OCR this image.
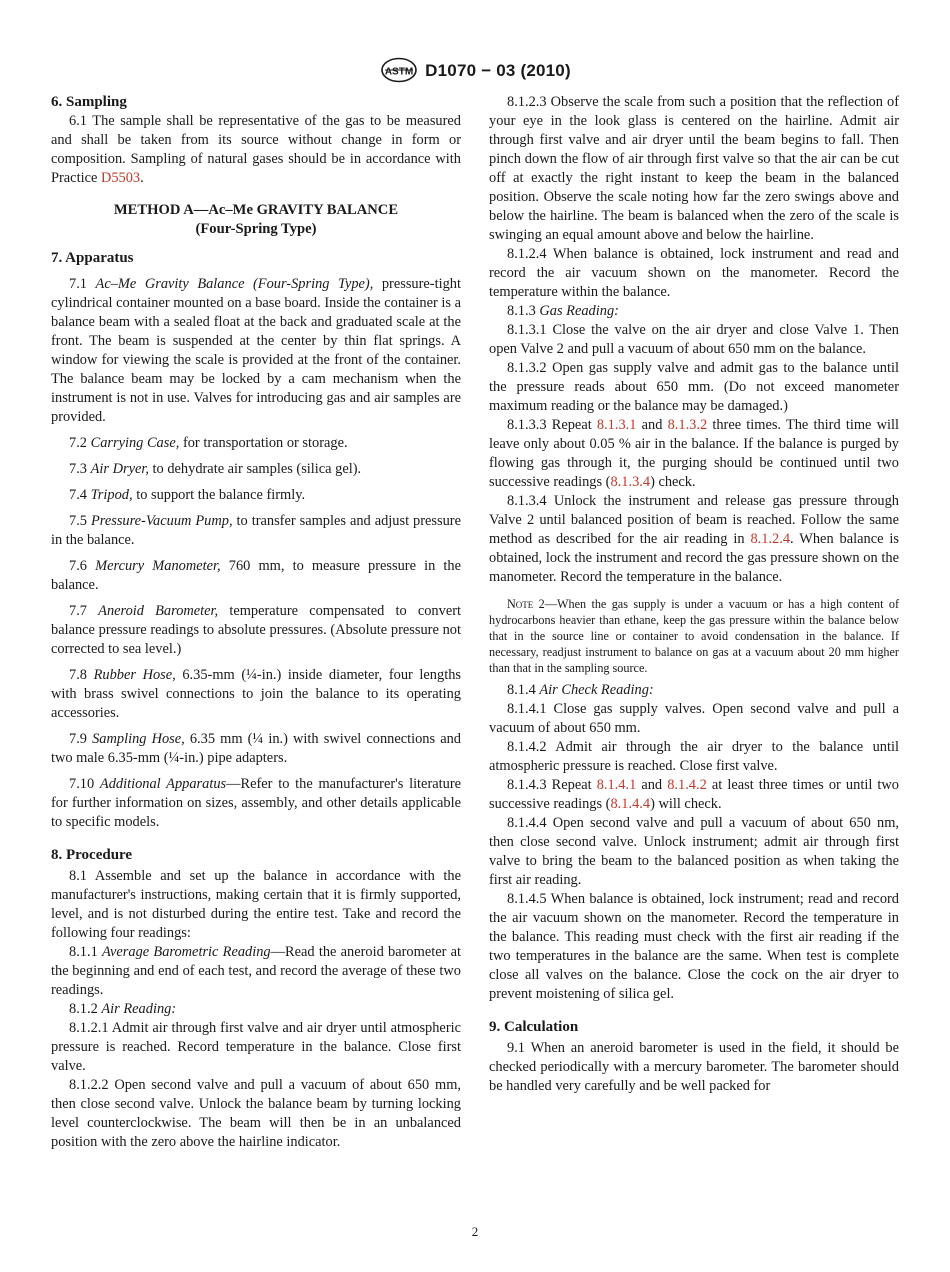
ASTM D1070 − 03 (2010)
6. Sampling

6.1 The sample shall be representative of the gas to be measured and shall be taken from its source without change in form or composition. Sampling of natural gases should be in accordance with Practice D5503.

METHOD A—Ac–Me GRAVITY BALANCE
(Four-Spring Type)
7. Apparatus

7.1 Ac–Me Gravity Balance (Four-Spring Type), pressure-tight cylindrical container mounted on a base board. Inside the container is a balance beam with a sealed float at the back and graduated scale at the front. The beam is suspended at the center by thin flat springs. A window for viewing the scale is provided at the front of the container. The balance beam may be locked by a cam mechanism when the instrument is not in use. Valves for introducing gas and air samples are provided.

7.2 Carrying Case, for transportation or storage.

7.3 Air Dryer, to dehydrate air samples (silica gel).

7.4 Tripod, to support the balance firmly.

7.5 Pressure-Vacuum Pump, to transfer samples and adjust pressure in the balance.

7.6 Mercury Manometer, 760 mm, to measure pressure in the balance.

7.7 Aneroid Barometer, temperature compensated to convert balance pressure readings to absolute pressures. (Absolute pressure not corrected to sea level.)

7.8 Rubber Hose, 6.35-mm (¼-in.) inside diameter, four lengths with brass swivel connections to join the balance to its operating accessories.

7.9 Sampling Hose, 6.35 mm (¼ in.) with swivel connections and two male 6.35-mm (¼-in.) pipe adapters.

7.10 Additional Apparatus—Refer to the manufacturer's literature for further information on sizes, assembly, and other details applicable to specific models.

8. Procedure

8.1 Assemble and set up the balance in accordance with the manufacturer's instructions, making certain that it is firmly supported, level, and is not disturbed during the entire test. Take and record the following four readings:

8.1.1 Average Barometric Reading—Read the aneroid barometer at the beginning and end of each test, and record the average of these two readings.

8.1.2 Air Reading:

8.1.2.1 Admit air through first valve and air dryer until atmospheric pressure is reached. Record temperature in the balance. Close first valve.

8.1.2.2 Open second valve and pull a vacuum of about 650 mm, then close second valve. Unlock the balance beam by turning locking level counterclockwise. The beam will then be in an unbalanced position with the zero above the hairline indicator.

8.1.2.3 Observe the scale from such a position that the reflection of your eye in the look glass is centered on the hairline. Admit air through first valve and air dryer until the beam begins to fall. Then pinch down the flow of air through first valve so that the air can be cut off at exactly the right instant to keep the beam in the balanced position. Observe the scale noting how far the zero swings above and below the hairline. The beam is balanced when the zero of the scale is swinging an equal amount above and below the hairline.

8.1.2.4 When balance is obtained, lock instrument and read and record the air vacuum shown on the manometer. Record the temperature within the balance.

8.1.3 Gas Reading:

8.1.3.1 Close the valve on the air dryer and close Valve 1. Then open Valve 2 and pull a vacuum of about 650 mm on the balance.

8.1.3.2 Open gas supply valve and admit gas to the balance until the pressure reads about 650 mm. (Do not exceed manometer maximum reading or the balance may be damaged.)

8.1.3.3 Repeat 8.1.3.1 and 8.1.3.2 three times. The third time will leave only about 0.05 % air in the balance. If the balance is purged by flowing gas through it, the purging should be continued until two successive readings (8.1.3.4) check.

8.1.3.4 Unlock the instrument and release gas pressure through Valve 2 until balanced position of beam is reached. Follow the same method as described for the air reading in 8.1.2.4. When balance is obtained, lock the instrument and record the gas pressure shown on the manometer. Record the temperature in the balance.

Note 2—When the gas supply is under a vacuum or has a high content of hydrocarbons heavier than ethane, keep the gas pressure within the balance below that in the source line or container to avoid condensation in the balance. If necessary, readjust instrument to balance on gas at a vacuum about 20 mm higher than that in the sampling source.

8.1.4 Air Check Reading:

8.1.4.1 Close gas supply valves. Open second valve and pull a vacuum of about 650 mm.

8.1.4.2 Admit air through the air dryer to the balance until atmospheric pressure is reached. Close first valve.

8.1.4.3 Repeat 8.1.4.1 and 8.1.4.2 at least three times or until two successive readings (8.1.4.4) will check.

8.1.4.4 Open second valve and pull a vacuum of about 650 nm, then close second valve. Unlock instrument; admit air through first valve to bring the beam to the balanced position as when taking the first air reading.

8.1.4.5 When balance is obtained, lock instrument; read and record the air vacuum shown on the manometer. Record the temperature in the balance. This reading must check with the first air reading if the two temperatures in the balance are the same. When test is complete close all valves on the balance. Close the cock on the air dryer to prevent moistening of silica gel.

9. Calculation

9.1 When an aneroid barometer is used in the field, it should be checked periodically with a mercury barometer. The barometer should be handled very carefully and be well packed for

2
